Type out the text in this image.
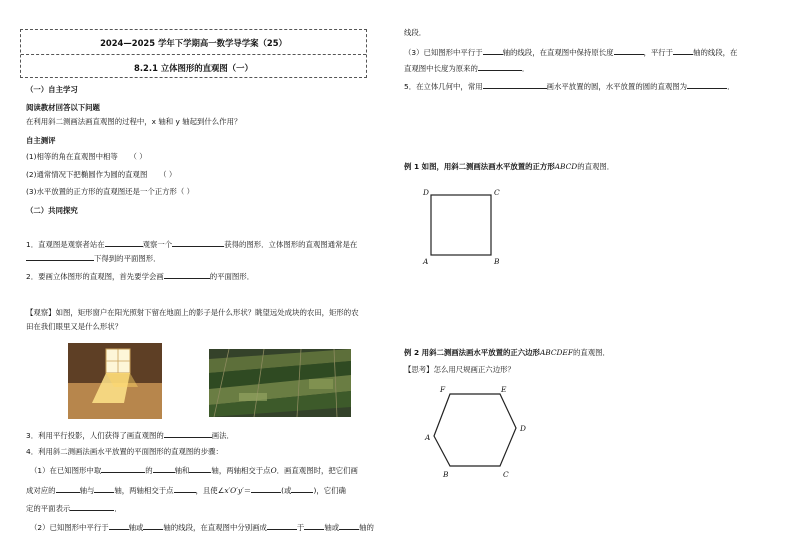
2024—2025 学年下学期高一数学导学案（25）
8.2.1 立体图形的直观图（一）
（一）自主学习
阅读教材回答以下问题
在利用斜二测画法画直观图的过程中，x 轴和 y 轴起到什么作用？
自主测评
(1)相等的角在直观图中相等 （ ）
(2)通常情况下把椭圆作为圆的直观图 （ ）
(3)水平放置的正方形的直观图还是一个正方形（ ）
（二）共同探究
1．直观图是观察者站在	观察一个	获得的图形．立体图形的直观图通常是在
下得到的平面图形．
2．要画立体图形的直观图，首先要学会画	的平面图形．
【观察】如图，矩形窗户在阳光照射下留在地面上的影子是什么形状？眺望远处成块的农田，矩形的农
田在我们眼里又是什么形状？
3．利用平行投影，人们获得了画直观图的	画法．
4．利用斜二测画法画水平放置的平面图形的直观图的步骤：
（1）在已知图形中取	的	轴和	轴，两轴相交于点O．画直观图时，把它们画
成对应的	轴与	轴，两轴相交于点	，且使∠x′O′y′＝	(或	)，它们确
定的平面表示	．
（2）已知图形中平行于	轴或	轴的线段，在直观图中分别画成	于	轴或	轴的
线段．
（3）已知图形中平行于	轴的线段，在直观图中保持原长度	，平行于	轴的线段，在
直观图中长度为原来的	．
5．在立体几何中，常用	画水平放置的圆，水平放置的圆的直观图为	．
例 1 如图，用斜二测画法画水平放置的正方形ABCD的直观图．
D	C
A	B
例 2 用斜二测画法画水平放置的正六边形ABCDEF的直观图．
【思考】怎么用尺规画正六边形？
F	E
A
D
B	C
